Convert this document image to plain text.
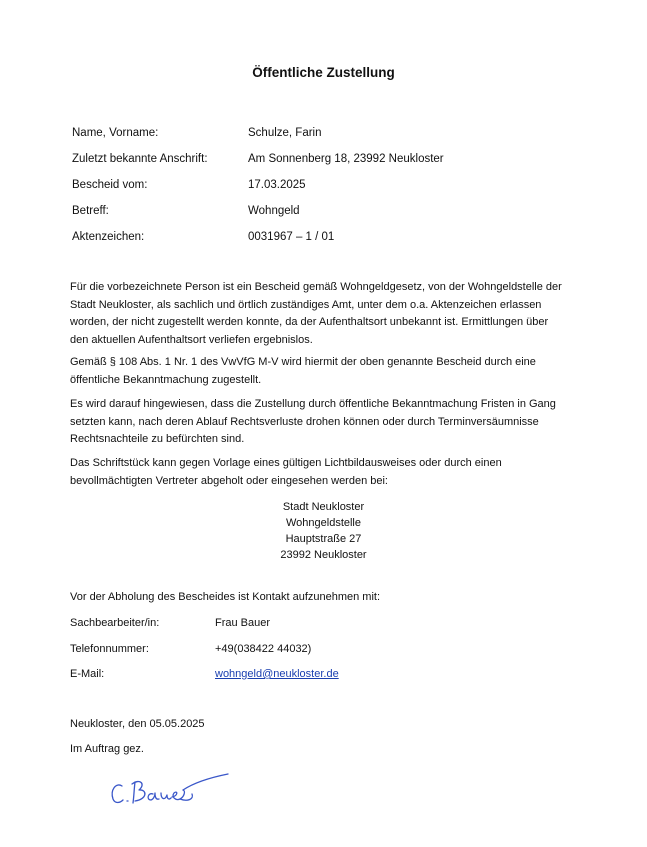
Öffentliche Zustellung
Name, Vorname:	Schulze, Farin
Zuletzt bekannte Anschrift:	Am Sonnenberg 18, 23992 Neukloster
Bescheid vom:	17.03.2025
Betreff:	Wohngeld
Aktenzeichen:	0031967 – 1 / 01
Für die vorbezeichnete Person ist ein Bescheid gemäß Wohngeldgesetz, von der Wohngeldstelle der
Stadt Neukloster, als sachlich und örtlich zuständiges Amt, unter dem o.a. Aktenzeichen erlassen
worden, der nicht zugestellt werden konnte, da der Aufenthaltsort unbekannt ist. Ermittlungen über
den aktuellen Aufenthaltsort verliefen ergebnislos.
Gemäß § 108 Abs. 1 Nr. 1 des VwVfG M-V wird hiermit der oben genannte Bescheid durch eine
öffentliche Bekanntmachung zugestellt.
Es wird darauf hingewiesen, dass die Zustellung durch öffentliche Bekanntmachung Fristen in Gang
setzten kann, nach deren Ablauf Rechtsverluste drohen können oder durch Terminversäumnisse
Rechtsnachteile zu befürchten sind.
Das Schriftstück kann gegen Vorlage eines gültigen Lichtbildausweises oder durch einen
bevollmächtigten Vertreter abgeholt oder eingesehen werden bei:
Stadt Neukloster
Wohngeldstelle
Hauptstraße 27
23992 Neukloster
Vor der Abholung des Bescheides ist Kontakt aufzunehmen mit:
Sachbearbeiter/in:	Frau Bauer
Telefonnummer:	+49(038422 44032)
E-Mail:	wohngeld@neukloster.de
Neukloster, den 05.05.2025
Im Auftrag gez.
